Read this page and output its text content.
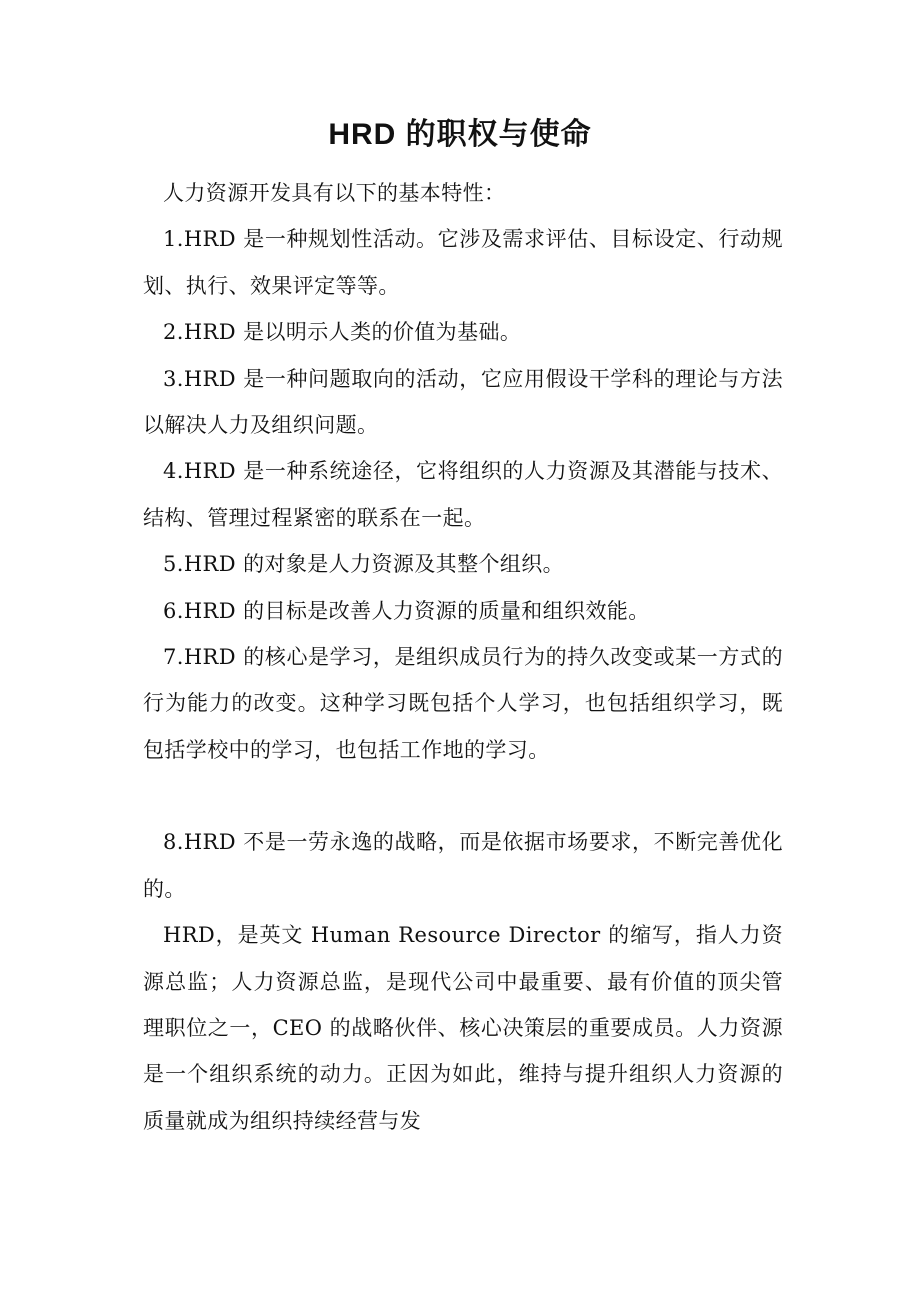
HRD 的职权与使命

人力资源开发具有以下的基本特性：

1.HRD 是一种规划性活动。它涉及需求评估、目标设定、行动规划、执行、效果评定等等。

2.HRD 是以明示人类的价值为基础。

3.HRD 是一种问题取向的活动，它应用假设干学科的理论与方法以解决人力及组织问题。

4.HRD 是一种系统途径，它将组织的人力资源及其潜能与技术、结构、管理过程紧密的联系在一起。

5.HRD 的对象是人力资源及其整个组织。

6.HRD 的目标是改善人力资源的质量和组织效能。

7.HRD 的核心是学习，是组织成员行为的持久改变或某一方式的行为能力的改变。这种学习既包括个人学习，也包括组织学习，既包括学校中的学习，也包括工作地的学习。

8.HRD 不是一劳永逸的战略，而是依据市场要求，不断完善优化的。

HRD，是英文 Human Resource Director 的缩写，指人力资源总监；人力资源总监，是现代公司中最重要、最有价值的顶尖管理职位之一，CEO 的战略伙伴、核心决策层的重要成员。人力资源是一个组织系统的动力。正因为如此，维持与提升组织人力资源的质量就成为组织持续经营与发
